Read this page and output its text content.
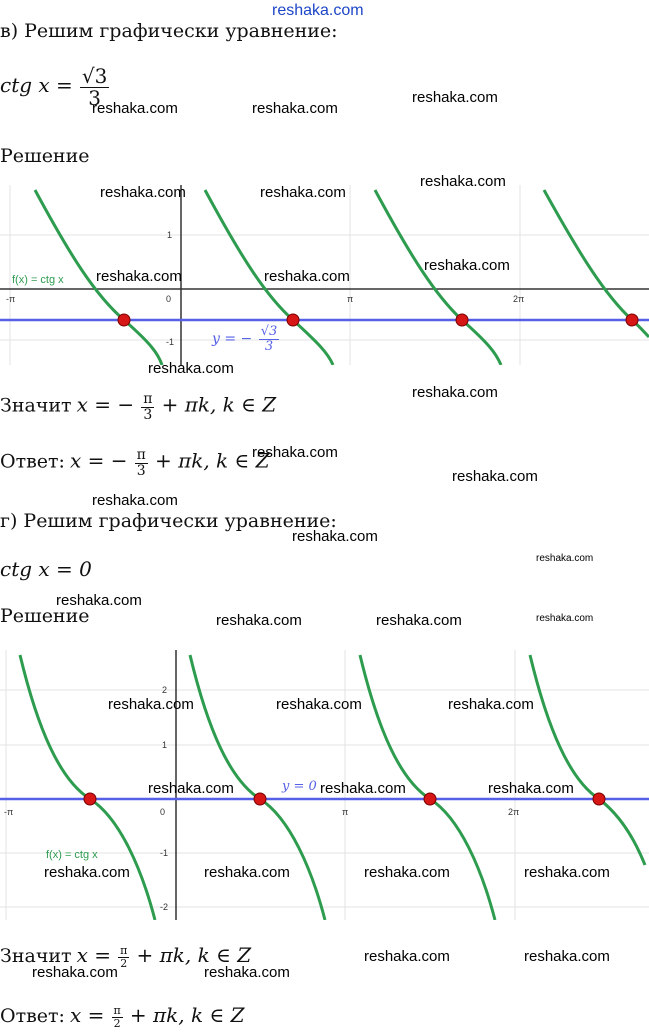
reshaka.com
в) Решим графически уравнение:
ctg $x = \frac{√3}{3}$
Решение
-π	0	π	2π
1
-1
f(x) = ctg x
y = − $\frac{√3}{3}$
Значит x = − $\frac{\pi}{3} + \pi k$, k ∈ Z
Ответ: x = − $\frac{\pi}{3} + \pi k$, k ∈ Z
г) Решим графически уравнение:
ctg x = 0
Решение
-π	0	π	2π
2
1
-1
-2
y = 0
f(x) = ctg x
Значит $x = \frac{\pi}{2} + \pi k$, k ∈ Z
Ответ: $x = \frac{\pi}{2} + \pi k$, k ∈ Z
reshaka.com	reshaka.com
reshaka.com
reshaka.com	reshaka.com
reshaka.com
reshaka.com	reshaka.com
reshaka.com
reshaka.com
reshaka.com
reshaka.com
reshaka.com
reshaka.com
reshaka.com
reshaka.com
reshaka.com
reshaka.com	reshaka.com	reshaka.com
reshaka.com	reshaka.com	reshaka.com
reshaka.com	reshaka.com	reshaka.com
reshaka.com	reshaka.com	reshaka.com	reshaka.com
reshaka.com	reshaka.com
reshaka.com	reshaka.com
